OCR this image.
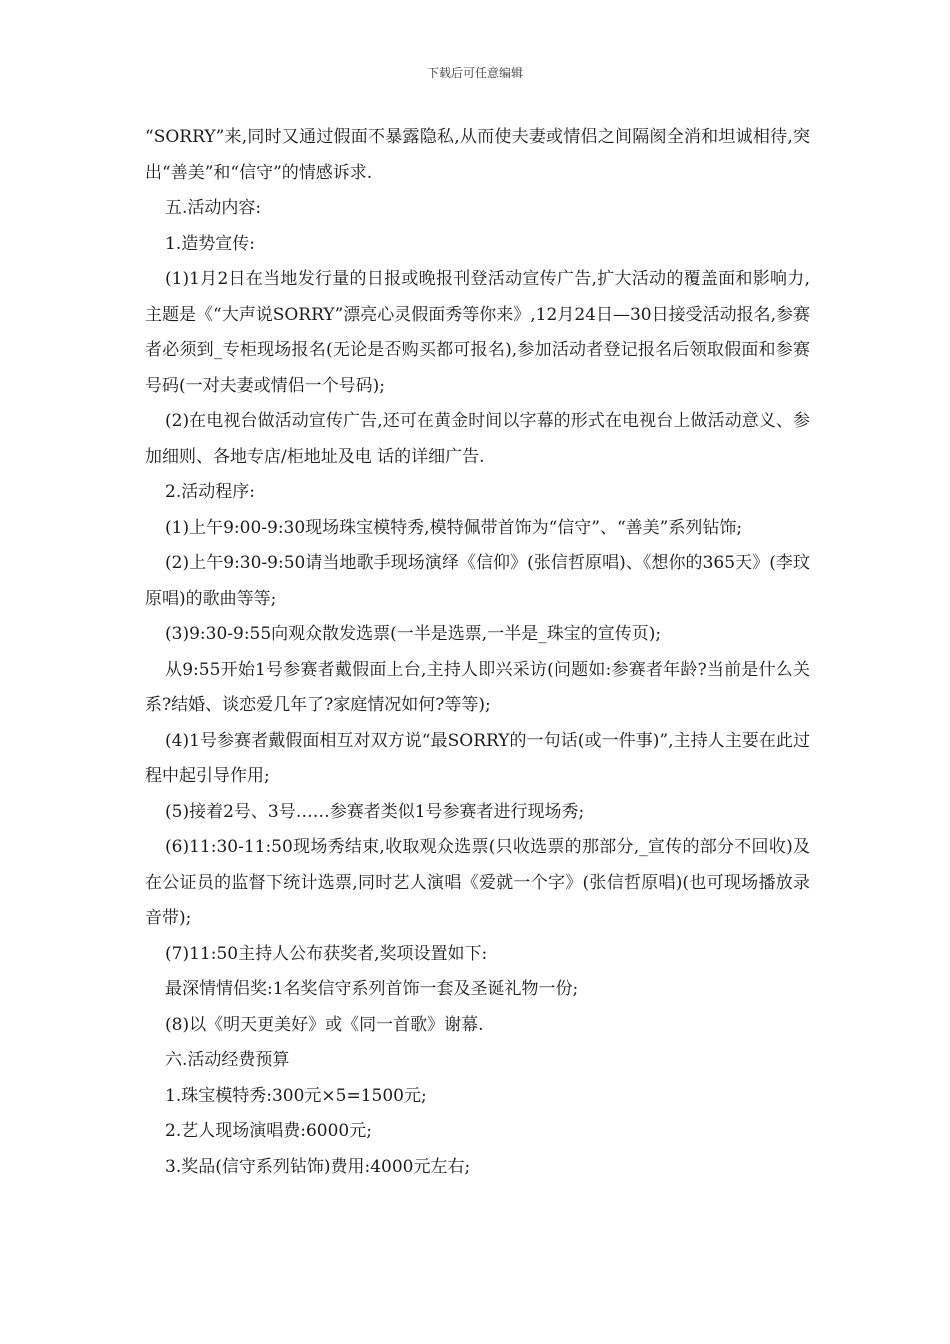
下载后可任意编辑

“SORRY”来,同时又通过假面不暴露隐私,从而使夫妻或情侣之间隔阂全消和坦诚相待,突出“善美”和“信守”的情感诉求.

五.活动内容:

1.造势宣传:

(1)1月2日在当地发行量的日报或晚报刊登活动宣传广告,扩大活动的覆盖面和影响力,主题是《“大声说SORRY”漂亮心灵假面秀等你来》,12月24日—30日接受活动报名,参赛者必须到_专柜现场报名(无论是否购买都可报名),参加活动者登记报名后领取假面和参赛号码(一对夫妻或情侣一个号码);

(2)在电视台做活动宣传广告,还可在黄金时间以字幕的形式在电视台上做活动意义、参加细则、各地专店/柜地址及电 话的详细广告.

2.活动程序:

(1)上午9:00-9:30现场珠宝模特秀,模特佩带首饰为“信守”、“善美”系列钻饰;

(2)上午9:30-9:50请当地歌手现场演绎《信仰》(张信哲原唱)、《想你的365天》(李玟原唱)的歌曲等等;

(3)9:30-9:55向观众散发选票(一半是选票,一半是_珠宝的宣传页);

从9:55开始1号参赛者戴假面上台,主持人即兴采访(问题如:参赛者年龄?当前是什么关系?结婚、谈恋爱几年了?家庭情况如何?等等);

(4)1号参赛者戴假面相互对双方说“最SORRY的一句话(或一件事)”,主持人主要在此过程中起引导作用;

(5)接着2号、3号……参赛者类似1号参赛者进行现场秀;

(6)11:30-11:50现场秀结束,收取观众选票(只收选票的那部分,_宣传的部分不回收)及在公证员的监督下统计选票,同时艺人演唱《爱就一个字》(张信哲原唱)(也可现场播放录音带);

(7)11:50主持人公布获奖者,奖项设置如下:

最深情情侣奖:1名奖信守系列首饰一套及圣诞礼物一份;

(8)以《明天更美好》或《同一首歌》谢幕.

六.活动经费预算

1.珠宝模特秀:300元×5=1500元;

2.艺人现场演唱费:6000元;

3.奖品(信守系列钻饰)费用:4000元左右;
